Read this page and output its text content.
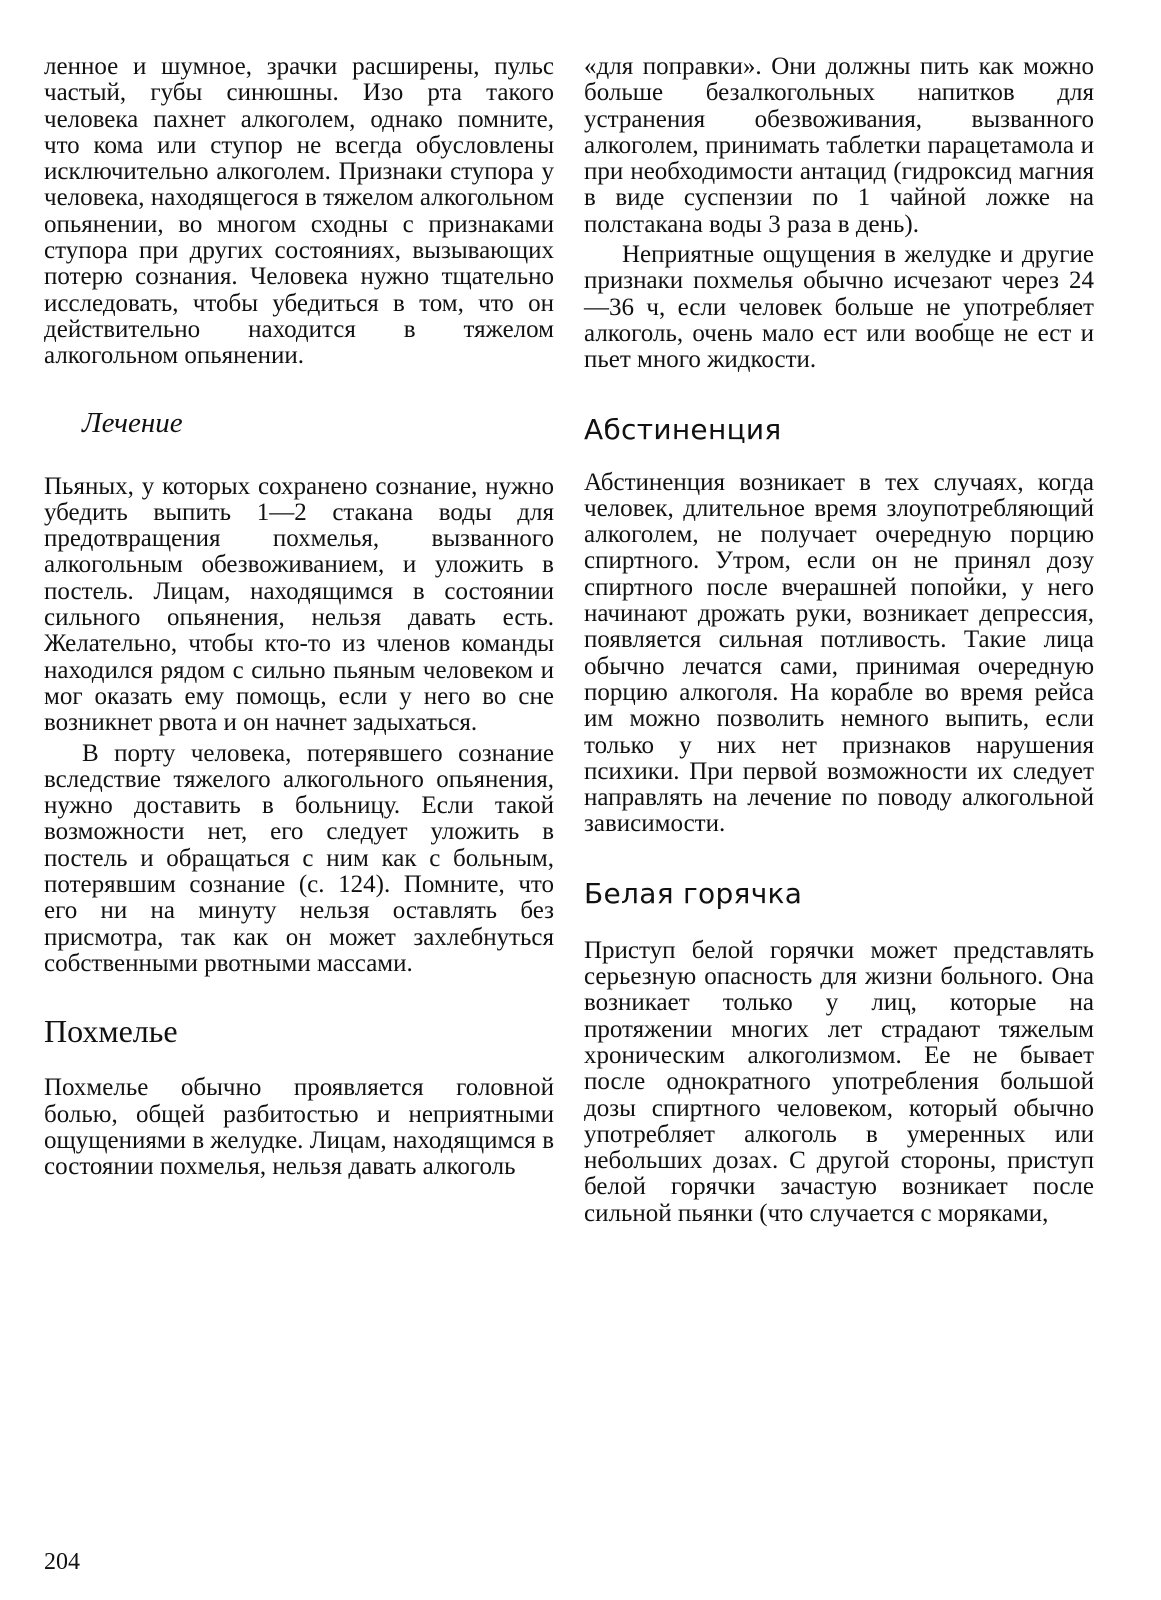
ленное и шумное, зрачки расширены, пульс частый, губы синюшны. Изо рта такого человека пахнет алкоголем, однако помните, что кома или ступор не всегда обусловлены исключительно алкоголем. Признаки ступора у человека, находящегося в тяжелом алкогольном опьянении, во многом сходны с признаками ступора при других состояниях, вызывающих потерю сознания. Человека нужно тщательно исследовать, чтобы убедиться в том, что он действительно находится в тяжелом алкогольном опьянении.

Лечение

Пьяных, у которых сохранено сознание, нужно убедить выпить 1—2 стакана воды для предотвращения похмелья, вызванного алкогольным обезвоживанием, и уложить в постель. Лицам, находящимся в состоянии сильного опьянения, нельзя давать есть. Желательно, чтобы кто-то из членов команды находился рядом с сильно пьяным человеком и мог оказать ему помощь, если у него во сне возникнет рвота и он начнет задыхаться.

В порту человека, потерявшего сознание вследствие тяжелого алкогольного опьянения, нужно доставить в больницу. Если такой возможности нет, его следует уложить в постель и обращаться с ним как с больным, потерявшим сознание (с. 124). Помните, что его ни на минуту нельзя оставлять без присмотра, так как он может захлебнуться собственными рвотными массами.

Похмелье

Похмелье обычно проявляется головной болью, общей разбитостью и неприятными ощущениями в желудке. Лицам, находящимся в состоянии похмелья, нельзя давать алкоголь

«для поправки». Они должны пить как можно больше безалкогольных напитков для устранения обезвоживания, вызванного алкоголем, принимать таблетки парацетамола и при необходимости антацид (гидроксид магния в виде суспензии по 1 чайной ложке на полстакана воды 3 раза в день).

Неприятные ощущения в желудке и другие признаки похмелья обычно исчезают через 24—36 ч, если человек больше не употребляет алкоголь, очень мало ест или вообще не ест и пьет много жидкости.

Абстиненция

Абстиненция возникает в тех случаях, когда человек, длительное время злоупотребляющий алкоголем, не получает очередную порцию спиртного. Утром, если он не принял дозу спиртного после вчерашней попойки, у него начинают дрожать руки, возникает депрессия, появляется сильная потливость. Такие лица обычно лечатся сами, принимая очередную порцию алкоголя. На корабле во время рейса им можно позволить немного выпить, если только у них нет признаков нарушения психики. При первой возможности их следует направлять на лечение по поводу алкогольной зависимости.

Белая горячка

Приступ белой горячки может представлять серьезную опасность для жизни больного. Она возникает только у лиц, которые на протяжении многих лет страдают тяжелым хроническим алкоголизмом. Ее не бывает после однократного употребления большой дозы спиртного человеком, который обычно употребляет алкоголь в умеренных или небольших дозах. С другой стороны, приступ белой горячки зачастую возникает после сильной пьянки (что случается с моряками,

204
